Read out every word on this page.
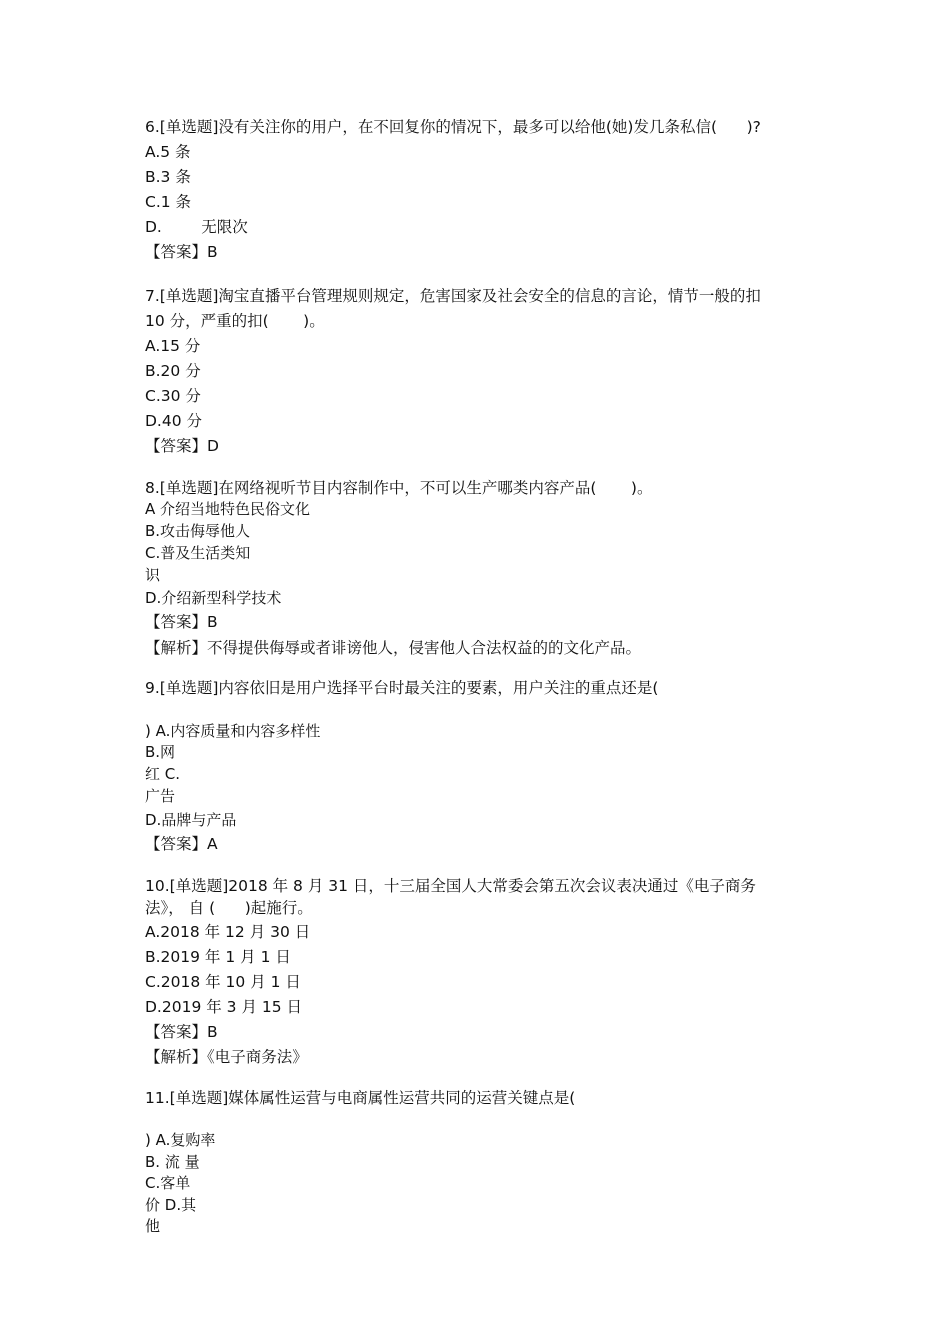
6.[单选题]没有关注你的用户，在不回复你的情况下，最多可以给他(她)发几条私信(      )?
A.5 条
B.3 条
C.1 条
D.        无限次
【答案】B
7.[单选题]淘宝直播平台管理规则规定，危害国家及社会安全的信息的言论，情节一般的扣
10 分，严重的扣(       )。
A.15 分
B.20 分
C.30 分
D.40 分
【答案】D
8.[单选题]在网络视听节目内容制作中，不可以生产哪类内容产品(       )。
A 介绍当地特色民俗文化
B.攻击侮辱他人
C.普及生活类知
识
D.介绍新型科学技术
【答案】B
【解析】不得提供侮辱或者诽谤他人，侵害他人合法权益的的文化产品。
9.[单选题]内容依旧是用户选择平台时最关注的要素，用户关注的重点还是(
) A.内容质量和内容多样性
B.网
红 C.
广告
D.品牌与产品
【答案】A
10.[单选题]2018 年 8 月 31 日，十三届全国人大常委会第五次会议表决通过《电子商务
法》， 自 (      )起施行。
A.2018 年 12 月 30 日
B.2019 年 1 月 1 日
C.2018 年 10 月 1 日
D.2019 年 3 月 15 日
【答案】B
【解析】《电子商务法》
11.[单选题]媒体属性运营与电商属性运营共同的运营关键点是(
) A.复购率
B. 流 量
C.客单
价 D.其
他
